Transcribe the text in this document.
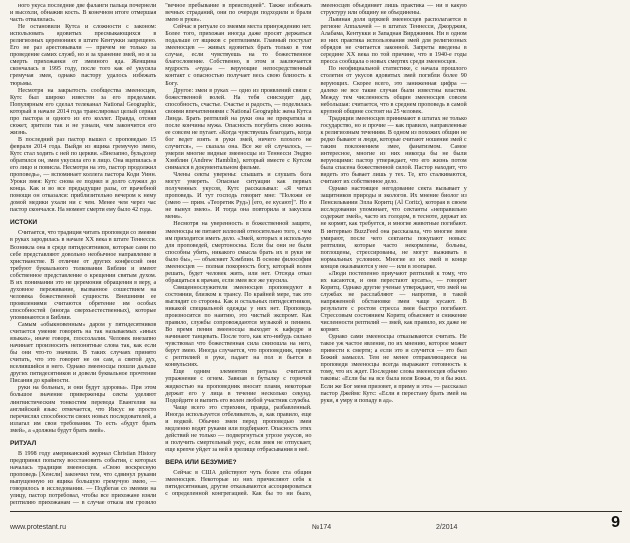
ного укуса последние две фаланги пальца почернели и высохли, обнажив кость. В конечном итоге отмершая часть отвалилась.

Не остановили Кутса и сложности с законом: использовать ядовитых пресмыкающихся в религиозных церемониях в штате Кентукки запрещено. Его не раз арестовывали — причем не только за проведение самих служб, но и за хранение змей, но и за смерть прихожанки от змеиного яда. Женщина скончалась в 1995 году, после того как её укусила гремучая змея, однако пастору удалось избежать тюрьмы.

Несмотря на закрытость сообщества змееносцев, Кутс был широко известен за его пределами. Популярным его сделал телеканал National Geographic, который в начале 2014 года транслировал целый сериал про пастора и одного из его коллег. Правда, отсняв сюжет, зрители так и не узнали, чем закончится его жизнь.

В последний раз пастор вышел с проповедью 15 февраля 2014 года. Выйдя из ящика гремучую змею, Кутс стал ходить с ней по церкви. «Внезапно, бульдозер обратился он, змея укусила его в лицо. Она вцепилась в его лицо и повисла. Несмотря на это, пастор продолжил проповедь», — вспоминает коллега пастора Коди Уинн. Уроки змея: Кутс снова ее поднял и долго служил до конца. Как и во все предыдущие разы, от врачебной помощи он отказался: приблизительно вечером к нему домой медики ухали ни с чем. Менее чем через час пастор скончался. На момент смерти ему было 42 года.

ИСТОКИ

Считается, что традиция читать проповеди со змеями в руках зародилась в начале XX века в штате Теннесси. Возникла она в среде пятидесятников, которые сами по себе представляют довольно необычное направление в христианстве. В отличие от других конфессий они требуют буквального толкования Библии и имеют собственное представление о крещении святым духом. В их понимании это не церемония обращения в веру, а духовное переживание, вызванное сошествием на человека божественной сущности. Внешними ее проявлениями считаются обретение им особых способностей (иногда сверхъестественных), которые упоминаются в Библии.

Самым «обыкновенным» даром у пятидесятников считается умение говорить на так называемых «иных языках», иначе говоря, глоссолалия. Человек внезапно начинает произносить непонятные слова так, как если бы они что-то значили. В таких случаях принято считать, что это говорит не он сам, а святой дух, вселившийся в него. Однако змееносцы пошли дальше других пятидесятников и довели буквальное прочтение Писания до крайности.

руки на больных, и они будут здоровы». При этом большое значение приверженцы секты уделяют лингвистическим тонкостям перевода Евангелия на английский язык: отмечается, что Иисус не просто перечислял способности своих новых последователей, а излагал им свои требования. То есть «будут брать змей», а «должны будут брать змей».

РИТУАЛ

В 1998 году американский журнал Christian History предпринял попытку восстановить события, с которых началась традиция змееносцев. «Свою воскресную проповедь [Хенсли] закончил тем, что сдвинул руками выпущенную из ящика большую гремучую змею, — говорилось в исследовании. — Подбегая со змеями на улицу, пастор потребовал, чтобы все прихожане взяли рептилию прихожанам — в случае отказа им грозило "вечное пребывание в преисподней". Также избежать вечных страданий, они по очереди подходили и брали змею в руки».

Сейчас в ритуале со змеями места принуждению нет. Более того, прихожан иногда даже просят держаться подальше от ящиков с рептилиями. Главный постулат змееносцев — живых ядовитых брать только в том случае, если чувствуешь на то божественное благословение. Собственно, в этом и заключается мудрость «чуда» — верующие непосредственный контакт с опасностью получает весь свою близость к Богу.

Другое: змеи в руках — одно из проявлений связи с божественной волей. На тебя снисходит дар, способность, счастье. Счастье и радость, — поделилась своими впечатлениями с National Geographic жена Кутса Линда. Брать рептилий на руки она не прекратила и после кончины мужа. Опасность погубить свою жизнь ее совсем не пугает. «Когда чувствуешь благодать, когда бог ведет взять в руки змей, ничего плохого не случится», — сказала она. Все же ей случалось, — умерли многие видные змееносцы из Теннесси Эндрю Хэмблин (Andrew Hamblin), который вместе с Кутсом снимался в документальном фильме.

Члены секты уверены: слышать и слушать бога могут умереть. Опасные ситуации как первых полученных укусов, Кутс рассказывал: «Я читал проповедь. И тут господь говорит мне: "Положи ее (змею — прим. «Теоретик Руд») [его, ее кусают]". Но я не вынул змею». И тогда она повторила и закусила меня».

Несмотря на уверенность в божественной защите, змееносцы не питают иллюзий относительно того, с чем им приходится иметь дело. «Змей, которых я использую для проповедей, смертоносны. Если бы они не были способны убить, никакого смысла брать их в руки не было бы», — объясняет Хэмблин. В основе философии змееносцев — полная покорность богу, который волен решать, будет человек жить, или нет. Отсюда отказ обращаться к врачам, если змея все же укусила.

Священнослужители змееносцев проповедуют в состоянии, близком к трансу. По крайней мере, так это выглядит со стороны. Как и остальных пятидесятников, никакой специальной одежды у них нет. Проповедь произносится по наитию, это чистый экспромт. Как правило, службы сопровождаются музыкой и пением. Во время пения змееносцы выходят к кафедре и начинают танцевать. После того, как кто-нибудь сильно чувствовал что божественная сила снизошла на него, берут змею. Иногда случается, что проповедник, прямо с рептилией в руке, падает на пол и бьется в конвульсиях.

Еще одним элементом ритуала считается упражнение с огнем. Завязав в бутылку с горючей жидкостью на проповедник вносит пламя, некоторые держат его у лица в течение несколько секунд. Подойдите и выпить его волен любой участник службы.

Чаще всего это стрихнин, правда, разбавленный. Иногда используется отбеливатель, и, как правило, еще и водкой. Обычно змеи перед проповедью змеи медленно водят руками или подбирают. Опасность этих действий не только — подвергнуться угрозе укусов, но и получить смертельный укус, если змея не отпускает, еще крепче уйдет за ней в зрелище отбрасывания в неё.

ВЕРА ИЛИ БЕЗУМИЕ?

Сейчас в США действуют чуть более ста общин змееносцев. Некоторые из них причисляют себя к пятидесятникам, другие отказываются ассоциироваться с определенной конгрегацией. Как бы то ни было, змееносцев объединяет лишь практика — ни в какую структуру или общину не объединены.

Львиная доля церквей змееносцев располагается в регионе Аппалачей — в штатах Теннесси, Джорджия, Алабама, Кентукки и Западная Вирджиния. Ни в одном из них практика использования змей для религиозных обрядов не считается законной. Запреты введены в середине XX века по той причине, что в 1940-е годы пресса сообщала о новых смертях среди змееносцев.

По неофициальной статистике, с начала прошлого столетия от укусов ядовитых змей погибли более 90 верующих. Скорее всего, это заниженная цифра — далеко не все такие случаи были известны властям. Между тем численность общин змееносцев совсем небольшая: считается, что в среднем проповедь в самой крупной общине состоят на 25 человек.

Традиции змееносцев принимают в штатах не только государство, но и прочие — как правило, направленные к религиозным течениям. В одном из похожих общин не редко бывают и люди, которые считают ношение змей с таким поклонением змее, фанатизмом. Самое интересное, многие из них никогда бы не были верующими: пастор утверждает, что его жизнь потом была спасена божественной силой. Пастор находит, что видеть это бывает лишь у тех. Те, кто сталкиваются, считают их собственное дело.

Однако настоящее негодование секта вызывает у защитников природы и экологов. Их мнение биолог из Пенсильвании Элла Коритц (Al Coritz), которая в своем исследовании упоминает, что сектанты «неправильно содержат змей», часто их голодом, в тесноте, держат их не кормят, как требуется, и многие животные погибают. В интервью BuzzFeed она рассказала, что многие змеи умирают, после чего сектанты покупают новых: рептилии, которые часто некормлены, больны, поглощены, стрессированы, не могут выживать в нормальных условиях. Многие из их змей в конце концов оказываются у нее — или в зоопарке.

«Люди постепенно приучают рептилий к тому, что их касаются, и они перестают кусать», — говорит Коритц. Однако другие ученые утверждают, что змей на службах не расслабляют — напротив, в такой напряженной обстановке змеи чаще кусают. В результате с ростом стресса змеи быстро погибают. Стрессовым состоянием Коритц объясняет и снижение численности рептилий — змей, как правило, их даже не кормят.

Однако сами змееносцы отказываются считать. Не такое уж частое явление, по их мнению, которое может привести к смерти; а если это и случится — это был Божий замысел. Тем не менее отправляющиеся на проповеди змееносцы всегда выражают готовность к тому, что их ждет. Последние слова змееносцев обычно таковы: «Если бы на все была воля Божья, то я бы жил. Если же Бог меня призовет, я приму и это» — рассказал пастор Джеймс Кутс: «Если я перестану брать змей на руки, я умру и попаду в ад».

www.protestant.ru	№174	2/2014	9
